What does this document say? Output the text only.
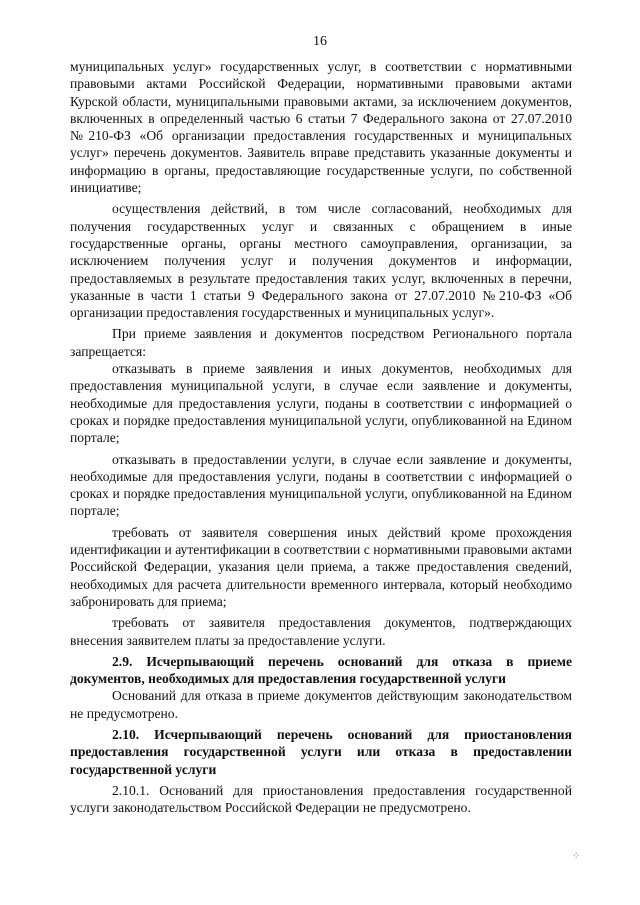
16

муниципальных услуг» государственных услуг, в соответствии с нормативными правовыми актами Российской Федерации, нормативными правовыми актами Курской области, муниципальными правовыми актами, за исключением документов, включенных в определенный частью 6 статьи 7 Федерального закона от 27.07.2010 №210-ФЗ «Об организации предоставления государственных и муниципальных услуг» перечень документов. Заявитель вправе представить указанные документы и информацию в органы, предоставляющие государственные услуги, по собственной инициативе;

осуществления действий, в том числе согласований, необходимых для получения государственных услуг и связанных с обращением в иные государственные органы, органы местного самоуправления, организации, за исключением получения услуг и получения документов и информации, предоставляемых в результате предоставления таких услуг, включенных в перечни, указанные в части 1 статьи 9 Федерального закона от 27.07.2010 №210-ФЗ «Об организации предоставления государственных и муниципальных услуг».

При приеме заявления и документов посредством Регионального портала запрещается:

отказывать в приеме заявления и иных документов, необходимых для предоставления муниципальной услуги, в случае если заявление и документы, необходимые для предоставления услуги, поданы в соответствии с информацией о сроках и порядке предоставления муниципальной услуги, опубликованной на Едином портале;

отказывать в предоставлении услуги, в случае если заявление и документы, необходимые для предоставления услуги, поданы в соответствии с информацией о сроках и порядке предоставления муниципальной услуги, опубликованной на Едином портале;

требовать от заявителя совершения иных действий кроме прохождения идентификации и аутентификации в соответствии с нормативными правовыми актами Российской Федерации, указания цели приема, а также предоставления сведений, необходимых для расчета длительности временного интервала, который необходимо забронировать для приема;

требовать от заявителя предоставления документов, подтверждающих внесения заявителем платы за предоставление услуги.

2.9. Исчерпывающий перечень оснований для отказа в приеме документов, необходимых для предоставления государственной услуги

Оснований для отказа в приеме документов действующим законодательством не предусмотрено.

2.10. Исчерпывающий перечень оснований для приостановления предоставления государственной услуги или отказа в предоставлении государственной услуги

2.10.1. Оснований для приостановления предоставления государственной услуги законодательством Российской Федерации не предусмотрено.

⁘
